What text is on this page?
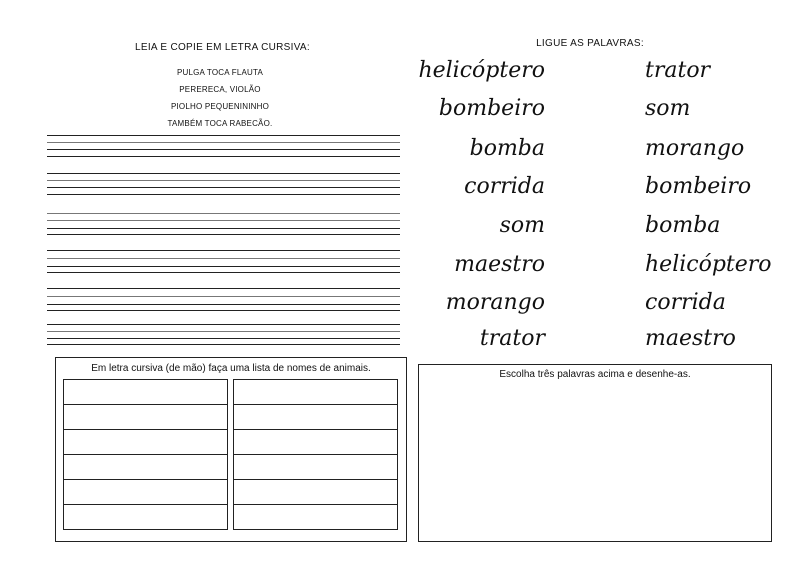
LEIA E COPIE EM LETRA CURSIVA:
PULGA TOCA FLAUTA
PERERECA, VIOLÃO
PIOLHO PEQUENININHO
TAMBÉM TOCA RABECÃO.
LIGUE AS PALAVRAS:
helicóptero
bombeiro
bomba
corrida
som
maestro
morango
trator
trator
som
morango
bombeiro
bomba
helicóptero
corrida
maestro
Em letra cursiva (de mão) faça uma lista de nomes de animais.
Escolha três palavras acima e desenhe-as.
